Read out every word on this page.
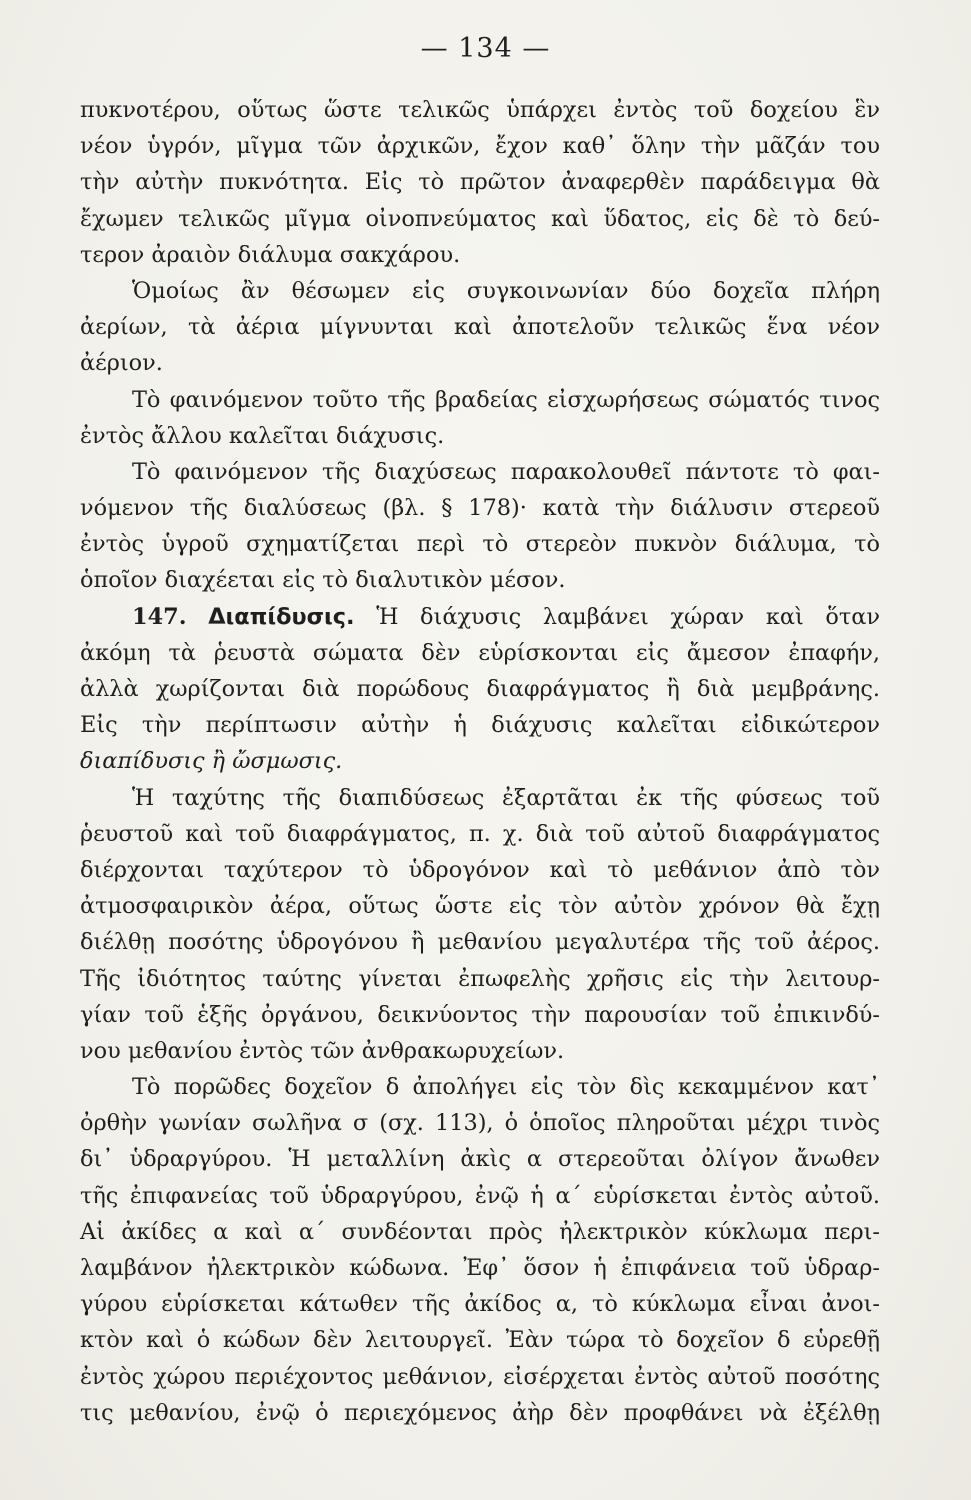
— 134 —
πυκνοτέρου, οὕτως ὥστε τελικῶς ὑπάρχει ἐντὸς τοῦ δοχείου ἓν
νέον ὑγρόν, μῖγμα τῶν ἀρχικῶν, ἔχον καθ᾽ ὅλην τὴν μᾶζάν του
τὴν αὐτὴν πυκνότητα. Εἰς τὸ πρῶτον ἀναφερθὲν παράδειγμα θὰ
ἔχωμεν τελικῶς μῖγμα οἰνοπνεύματος καὶ ὕδατος, εἰς δὲ τὸ δεύ-
τερον ἀραιὸν διάλυμα σακχάρου.
Ὁμοίως ἂν θέσωμεν εἰς συγκοινωνίαν δύο δοχεῖα πλήρη
ἀερίων, τὰ ἀέρια μίγνυνται καὶ ἀποτελοῦν τελικῶς ἕνα νέον
ἀέριον.
Τὸ φαινόμενον τοῦτο τῆς βραδείας εἰσχωρήσεως σώματός τινος
ἐντὸς ἄλλου καλεῖται διάχυσις.
Τὸ φαινόμενον τῆς διαχύσεως παρακολουθεῖ πάντοτε τὸ φαι-
νόμενον τῆς διαλύσεως (βλ. § 178)· κατὰ τὴν διάλυσιν στερεοῦ
ἐντὸς ὑγροῦ σχηματίζεται περὶ τὸ στερεὸν πυκνὸν διάλυμα, τὸ
ὁποῖον διαχέεται εἰς τὸ διαλυτικὸν μέσον.
147. Διαπίδυσις. Ἡ διάχυσις λαμβάνει χώραν καὶ ὅταν
ἀκόμη τὰ ῥευστὰ σώματα δὲν εὑρίσκονται εἰς ἄμεσον ἐπαφήν,
ἀλλὰ χωρίζονται διὰ πορώδους διαφράγματος ἢ διὰ μεμβράνης.
Εἰς τὴν περίπτωσιν αὐτὴν ἡ διάχυσις καλεῖται εἰδικώτερον
διαπίδυσις ἢ ὤσμωσις.
Ἡ ταχύτης τῆς διαπιδύσεως ἐξαρτᾶται ἐκ τῆς φύσεως τοῦ
ῥευστοῦ καὶ τοῦ διαφράγματος, π. χ. διὰ τοῦ αὐτοῦ διαφράγματος
διέρχονται ταχύτερον τὸ ὑδρογόνον καὶ τὸ μεθάνιον ἀπὸ τὸν
ἀτμοσφαιρικὸν ἀέρα, οὕτως ὥστε εἰς τὸν αὐτὸν χρόνον θὰ ἔχῃ
διέλθῃ ποσότης ὑδρογόνου ἢ μεθανίου μεγαλυτέρα τῆς τοῦ ἀέρος.
Τῆς ἰδιότητος ταύτης γίνεται ἐπωφελὴς χρῆσις εἰς τὴν λειτουρ-
γίαν τοῦ ἑξῆς ὀργάνου, δεικνύοντος τὴν παρουσίαν τοῦ ἐπικινδύ-
νου μεθανίου ἐντὸς τῶν ἀνθρακωρυχείων.
Τὸ πορῶδες δοχεῖον δ ἀπολήγει εἰς τὸν δὶς κεκαμμένον κατ᾽
ὀρθὴν γωνίαν σωλῆνα σ (σχ. 113), ὁ ὁποῖος πληροῦται μέχρι τινὸς
δι᾽ ὑδραργύρου. Ἡ μεταλλίνη ἀκὶς α στερεοῦται ὀλίγον ἄνωθεν
τῆς ἐπιφανείας τοῦ ὑδραργύρου, ἐνῷ ἡ α΄ εὑρίσκεται ἐντὸς αὐτοῦ.
Αἱ ἀκίδες α καὶ α΄ συνδέονται πρὸς ἠλεκτρικὸν κύκλωμα περι-
λαμβάνον ἠλεκτρικὸν κώδωνα. Ἐφ᾽ ὅσον ἡ ἐπιφάνεια τοῦ ὑδραρ-
γύρου εὑρίσκεται κάτωθεν τῆς ἀκίδος α, τὸ κύκλωμα εἶναι ἀνοι-
κτὸν καὶ ὁ κώδων δὲν λειτουργεῖ. Ἐὰν τώρα τὸ δοχεῖον δ εὑρεθῇ
ἐντὸς χώρου περιέχοντος μεθάνιον, εἰσέρχεται ἐντὸς αὐτοῦ ποσότης
τις μεθανίου, ἐνῷ ὁ περιεχόμενος ἀὴρ δὲν προφθάνει νὰ ἐξέλθῃ
